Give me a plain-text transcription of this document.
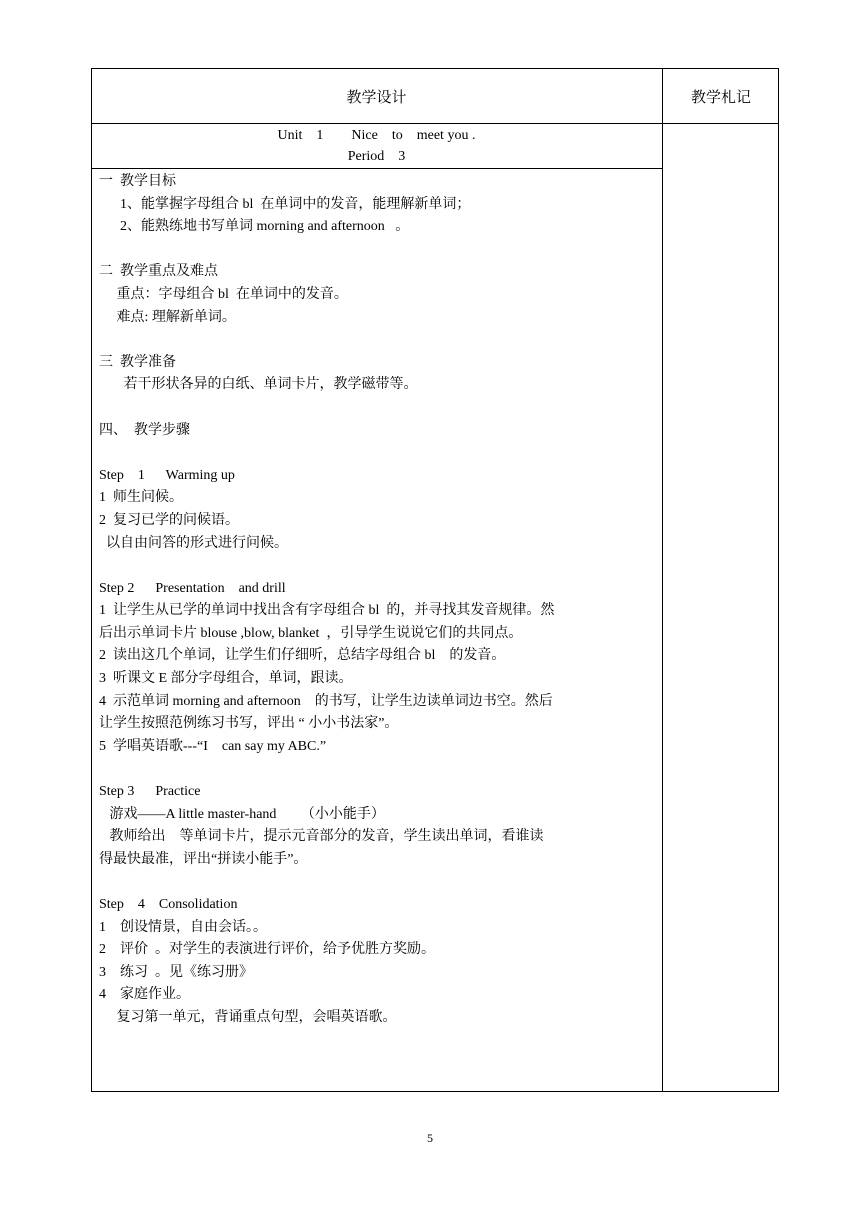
教学设计	教学札记
Unit    1        Nice    to    meet you .
Period    3
一  教学目标
1、能掌握字母组合 bl  在单词中的发音，能理解新单词；
2、能熟练地书写单词 morning and afternoon   。
二  教学重点及难点
重点：字母组合 bl  在单词中的发音。
难点: 理解新单词。
三  教学准备
若干形状各异的白纸、单词卡片，教学磁带等。
四、  教学步骤
Step    1      Warming up
1  师生问候。
2  复习已学的问候语。
以自由问答的形式进行问候。
Step 2      Presentation    and drill
1  让学生从已学的单词中找出含有字母组合 bl  的，并寻找其发音规律。然
后出示单词卡片 blouse ,blow, blanket  ，引导学生说说它们的共同点。
2  读出这几个单词，让学生们仔细听，总结字母组合 bl    的发音。
3  听课文 E 部分字母组合，单词，跟读。
4  示范单词 morning and afternoon    的书写，让学生边读单词边书空。然后
让学生按照范例练习书写，评出 “ 小小书法家”。
5  学唱英语歌---“I    can say my ABC.”
Step 3      Practice
游戏——A little master-hand       （小小能手）
教师给出    等单词卡片，提示元音部分的发音，学生读出单词，看谁读
得最快最准，评出“拼读小能手”。
Step    4    Consolidation
1    创设情景，自由会话。。
2    评价  。对学生的表演进行评价，给予优胜方奖励。
3    练习  。见《练习册》
4    家庭作业。
复习第一单元，背诵重点句型，会唱英语歌。
5
